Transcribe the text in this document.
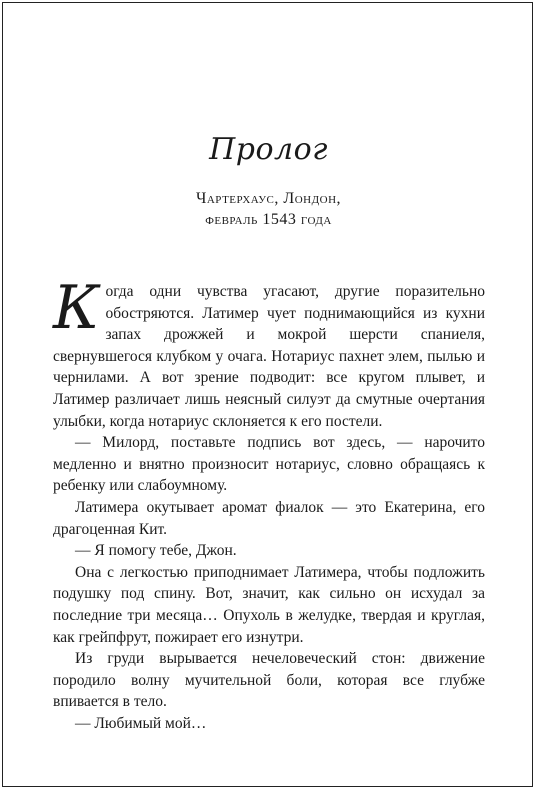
Пролог

Чартерхаус, Лондон,

февраль 1543 года

Когда одни чувства угасают, другие поразительно обостряются. Латимер чует поднимающийся из кухни запах дрожжей и мокрой шерсти спаниеля, свернувшегося клубком у очага. Нотариус пахнет элем, пылью и чернилами. А вот зрение подводит: все кругом плывет, и Латимер различает лишь неясный силуэт да смутные очертания улыбки, когда нотариус склоняется к его постели.

— Милорд, поставьте подпись вот здесь, — нарочито медленно и внятно произносит нотариус, словно обращаясь к ребенку или слабоумному.

Латимера окутывает аромат фиалок — это Екатерина, его драгоценная Кит.

— Я помогу тебе, Джон.

Она с легкостью приподнимает Латимера, чтобы подложить подушку под спину. Вот, значит, как сильно он исхудал за последние три месяца… Опухоль в желудке, твердая и круглая, как грейпфрут, пожирает его изнутри.

Из груди вырывается нечеловеческий стон: движение породило волну мучительной боли, которая все глубже впивается в тело.

— Любимый мой…
